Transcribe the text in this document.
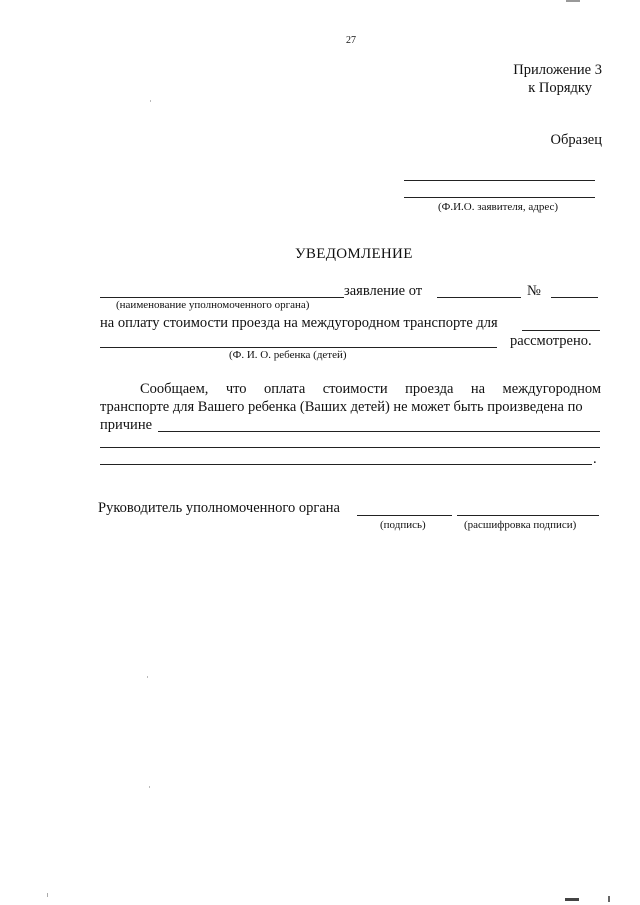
27
Приложение 3
к Порядку
Образец
(Ф.И.О. заявителя, адрес)
УВЕДОМЛЕНИЕ
заявление от	№
(наименование уполномоченного органа)
на оплату стоимости проезда на междугородном транспорте для
рассмотрено.
(Ф. И. О. ребенка (детей)
Сообщаем, что оплата стоимости проезда на междугородном
транспорте для Вашего ребенка (Ваших детей) не может быть произведена по
причине
.
Руководитель уполномоченного органа
(подпись)	(расшифровка подписи)
